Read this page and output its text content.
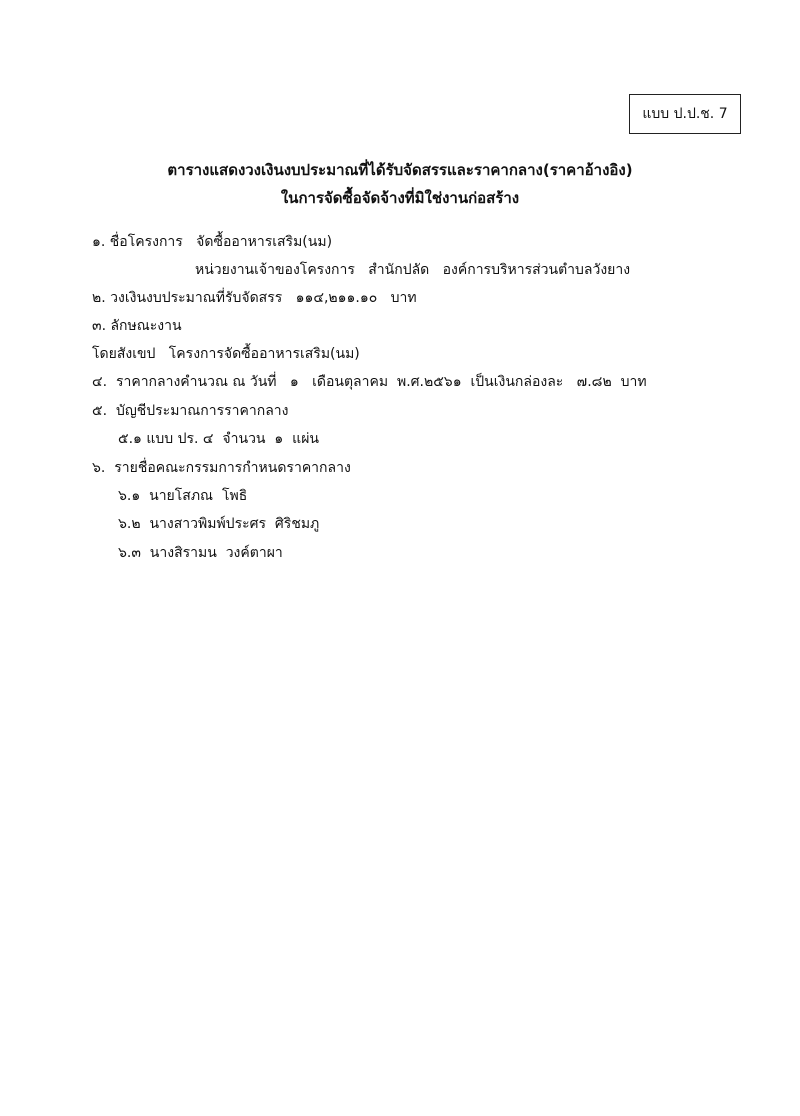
แบบ ป.ป.ช. 7
ตารางแสดงวงเงินงบประมาณที่ได้รับจัดสรรและราคากลาง(ราคาอ้างอิง)
ในการจัดซื้อจัดจ้างที่มิใช่งานก่อสร้าง
๑. ชื่อโครงการ   จัดซื้ออาหารเสริม(นม)
หน่วยงานเจ้าของโครงการ   สำนักปลัด   องค์การบริหารส่วนตำบลวังยาง
๒. วงเงินงบประมาณที่รับจัดสรร   ๑๑๔,๒๑๑.๑๐   บาท
๓. ลักษณะงาน
โดยสังเขป   โครงการจัดซื้ออาหารเสริม(นม)
๔.  ราคากลางคำนวณ ณ วันที่   ๑   เดือนตุลาคม  พ.ศ.๒๕๖๑  เป็นเงินกล่องละ   ๗.๘๒  บาท
๕.  บัญชีประมาณการราคากลาง
๕.๑ แบบ ปร. ๔  จำนวน  ๑  แผ่น
๖.  รายชื่อคณะกรรมการกำหนดราคากลาง
๖.๑  นายโสภณ  โพธิ
๖.๒  นางสาวพิมพ์ประศร  ศิริชมภู
๖.๓  นางสิรามน  วงค์ตาผา
